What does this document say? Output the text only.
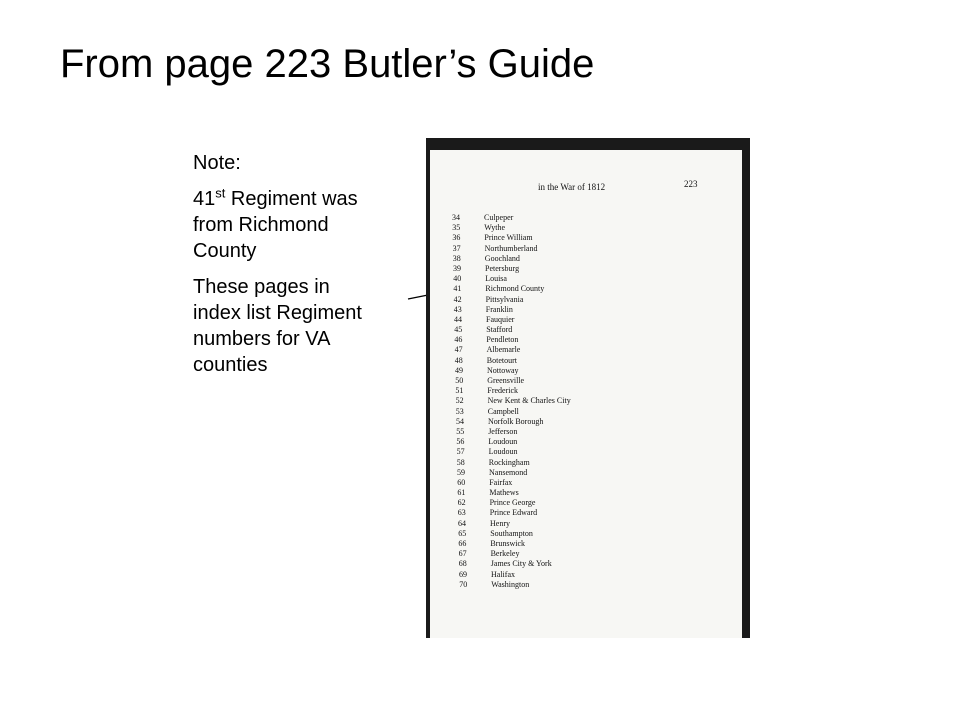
From page 223 Butler’s Guide

Note:

41st Regiment was from Richmond County

These pages in index list Regiment numbers for VA counties

in the War of 1812	223
34	Culpeper
35	Wythe
36	Prince William
37	Northumberland
38	Goochland
39	Petersburg
40	Louisa
41	Richmond County
42	Pittsylvania
43	Franklin
44	Fauquier
45	Stafford
46	Pendleton
47	Albemarle
48	Botetourt
49	Nottoway
50	Greensville
51	Frederick
52	New Kent & Charles City
53	Campbell
54	Norfolk Borough
55	Jefferson
56	Loudoun
57	Loudoun
58	Rockingham
59	Nansemond
60	Fairfax
61	Mathews
62	Prince George
63	Prince Edward
64	Henry
65	Southampton
66	Brunswick
67	Berkeley
68	James City & York
69	Halifax
70	Washington
